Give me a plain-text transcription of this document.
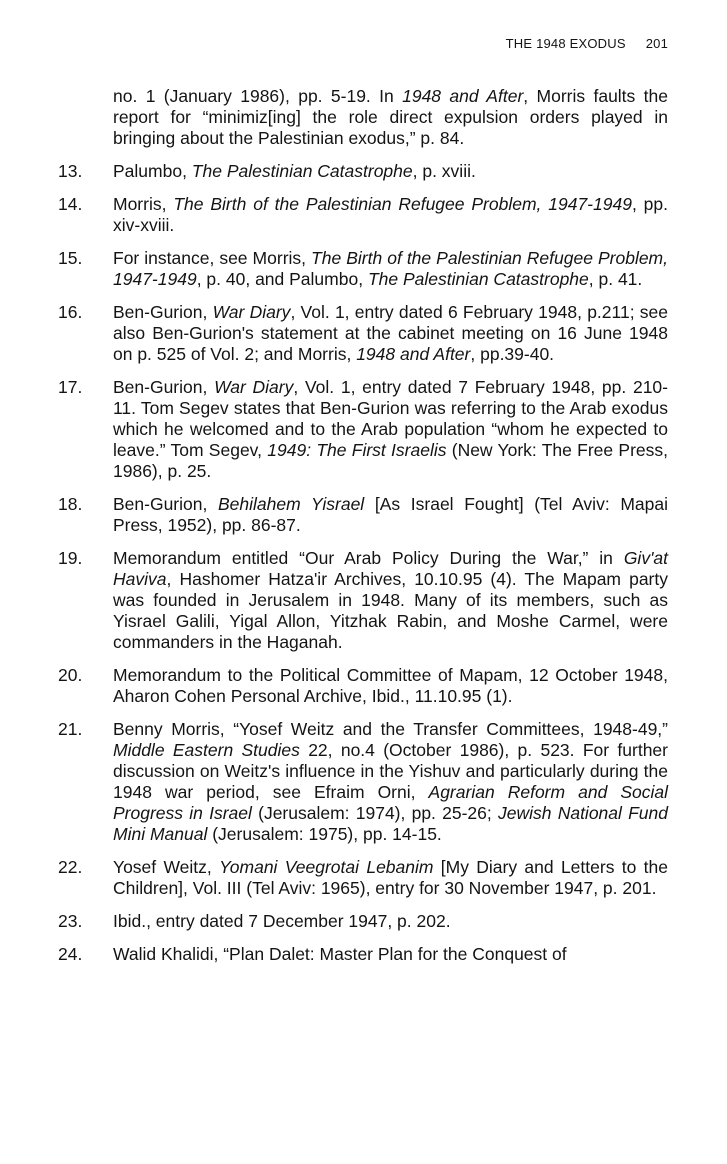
THE 1948 EXODUS 201
no. 1 (January 1986), pp. 5-19. In 1948 and After, Morris faults the report for “minimiz[ing] the role direct expulsion orders played in bringing about the Palestinian exodus,” p. 84.
13.	Palumbo, The Palestinian Catastrophe, p. xviii.
14.	Morris, The Birth of the Palestinian Refugee Problem, 1947-1949, pp. xiv-xviii.
15.	For instance, see Morris, The Birth of the Palestinian Refugee Problem, 1947-1949, p. 40, and Palumbo, The Palestinian Catastrophe, p. 41.
16.	Ben-Gurion, War Diary, Vol. 1, entry dated 6 February 1948, p.211; see also Ben-Gurion's statement at the cabinet meeting on 16 June 1948 on p. 525 of Vol. 2; and Morris, 1948 and After, pp.39-40.
17.	Ben-Gurion, War Diary, Vol. 1, entry dated 7 February 1948, pp. 210-11. Tom Segev states that Ben-Gurion was referring to the Arab exodus which he welcomed and to the Arab population “whom he expected to leave.” Tom Segev, 1949: The First Israelis (New York: The Free Press, 1986), p. 25.
18.	Ben-Gurion, Behilahem Yisrael [As Israel Fought] (Tel Aviv: Mapai Press, 1952), pp. 86-87.
19.	Memorandum entitled “Our Arab Policy During the War,” in Giv'at Haviva, Hashomer Hatza'ir Archives, 10.10.95 (4). The Mapam party was founded in Jerusalem in 1948. Many of its members, such as Yisrael Galili, Yigal Allon, Yitzhak Rabin, and Moshe Carmel, were commanders in the Haganah.
20.	Memorandum to the Political Committee of Mapam, 12 October 1948, Aharon Cohen Personal Archive, Ibid., 11.10.95 (1).
21.	Benny Morris, “Yosef Weitz and the Transfer Committees, 1948-49,” Middle Eastern Studies 22, no.4 (October 1986), p. 523. For further discussion on Weitz's influence in the Yishuv and particularly during the 1948 war period, see Efraim Orni, Agrarian Reform and Social Progress in Israel (Jerusalem: 1974), pp. 25-26; Jewish National Fund Mini Manual (Jerusalem: 1975), pp. 14-15.
22.	Yosef Weitz, Yomani Veegrotai Lebanim [My Diary and Letters to the Children], Vol. III (Tel Aviv: 1965), entry for 30 November 1947, p. 201.
23.	Ibid., entry dated 7 December 1947, p. 202.
24.	Walid Khalidi, “Plan Dalet: Master Plan for the Conquest of
